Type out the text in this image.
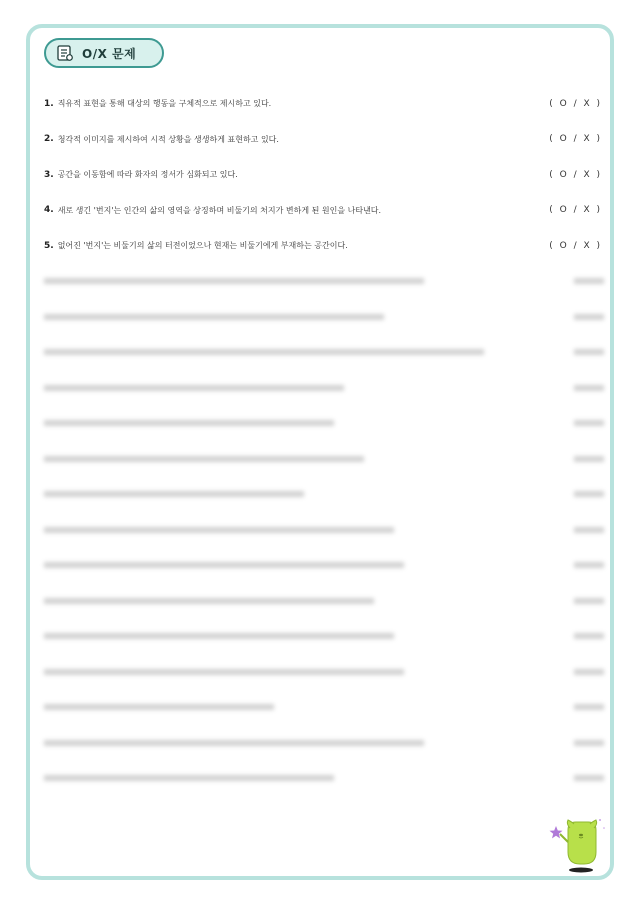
O/X 문제
1. 직유적 표현을 통해 대상의 행동을 구체적으로 제시하고 있다.	( O / X )
2. 청각적 이미지를 제시하여 시적 상황을 생생하게 표현하고 있다.	( O / X )
3. 공간을 이동함에 따라 화자의 정서가 심화되고 있다.	( O / X )
4. 새로 생긴 '번지'는 인간의 삶의 영역을 상징하며 비둘기의 처지가 변하게 된 원인을 나타낸다.	( O / X )
5. 없어진 '번지'는 비둘기의 삶의 터전이었으나 현재는 비둘기에게 부재하는 공간이다.	( O / X )
